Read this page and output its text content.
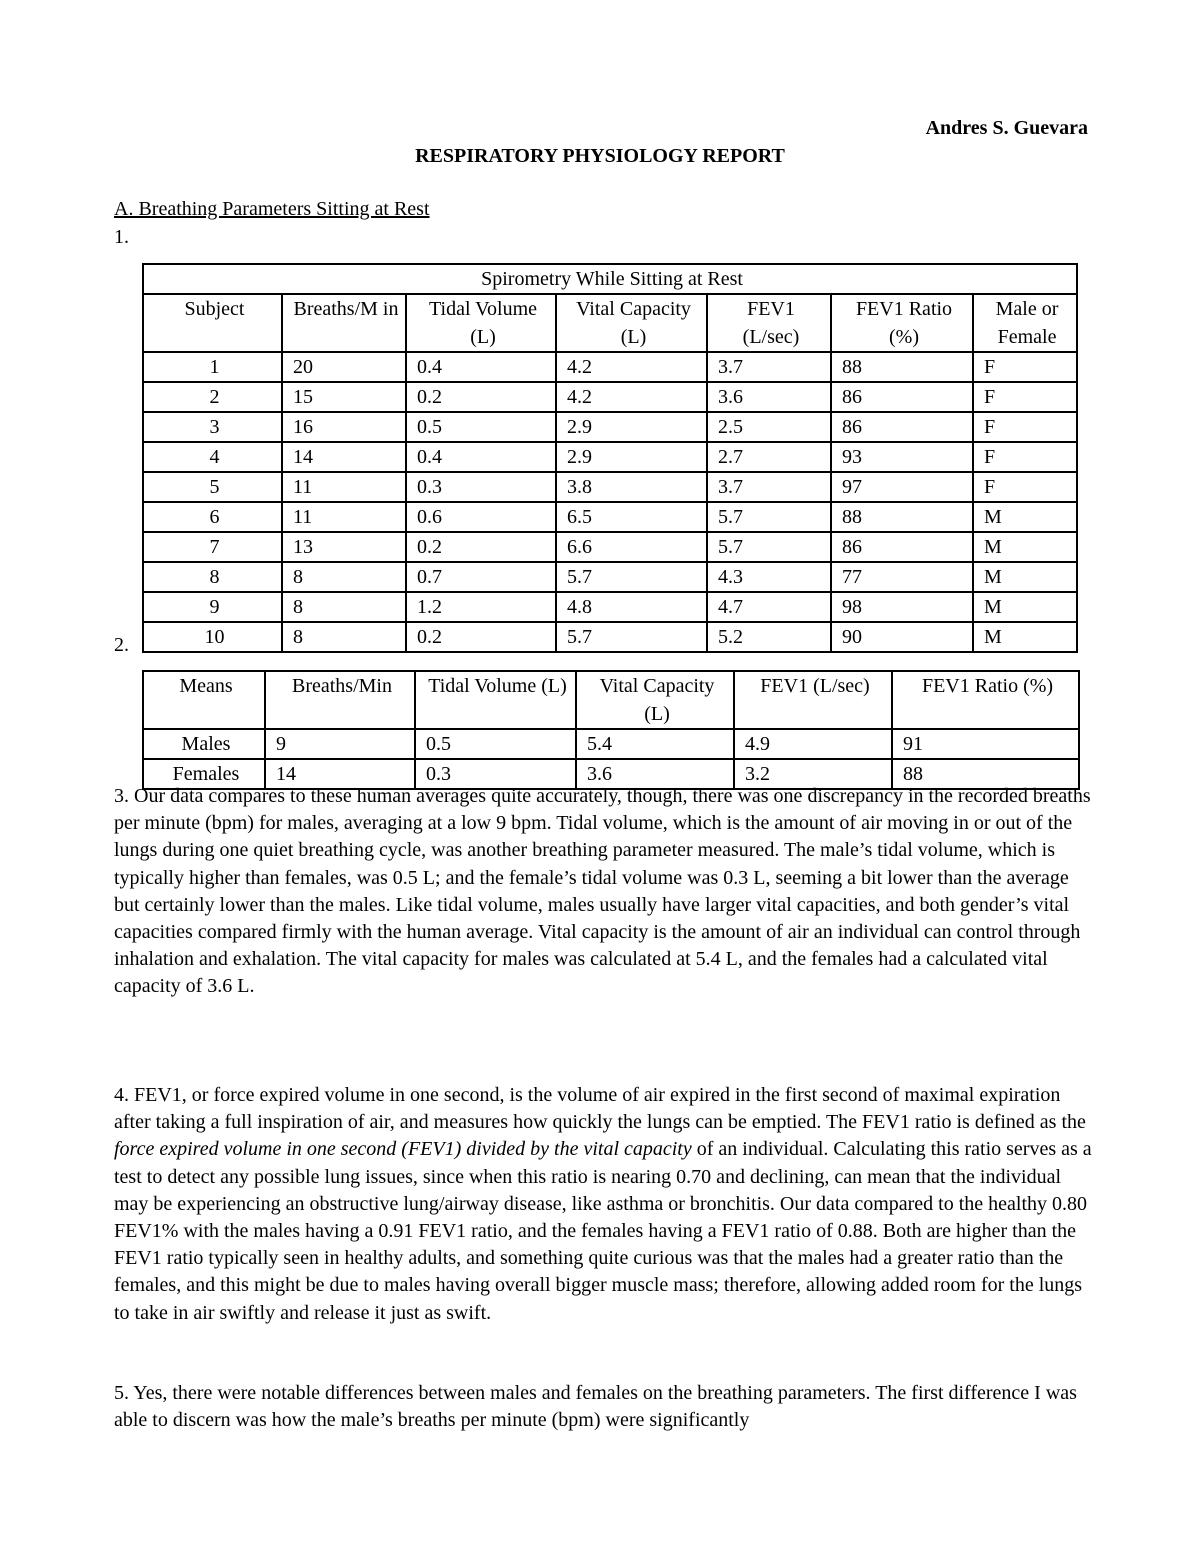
Andres S. Guevara
RESPIRATORY PHYSIOLOGY REPORT
A. Breathing Parameters Sitting at Rest
1.
Spirometry While Sitting at Rest						
Subject	Breaths/M in	Tidal Volume (L)	Vital Capacity (L)	FEV1 (L/sec)	FEV1 Ratio (%)	Male or Female
1	20	0.4	4.2	3.7	88	F
2	15	0.2	4.2	3.6	86	F
3	16	0.5	2.9	2.5	86	F
4	14	0.4	2.9	2.7	93	F
5	11	0.3	3.8	3.7	97	F
6	11	0.6	6.5	5.7	88	M
7	13	0.2	6.6	5.7	86	M
8	8	0.7	5.7	4.3	77	M
9	8	1.2	4.8	4.7	98	M
10	8	0.2	5.7	5.2	90	M
2.
Means	Breaths/Min	Tidal Volume (L)	Vital Capacity (L)	FEV1 (L/sec)	FEV1 Ratio (%)
Males	9	0.5	5.4	4.9	91
Females	14	0.3	3.6	3.2	88

3. Our data compares to these human averages quite accurately, though, there was one discrepancy in the recorded breaths per minute (bpm) for males, averaging at a low 9 bpm. Tidal volume, which is the amount of air moving in or out of the lungs during one quiet breathing cycle, was another breathing parameter measured. The male’s tidal volume, which is typically higher than females, was 0.5 L; and the female’s tidal volume was 0.3 L, seeming a bit lower than the average but certainly lower than the males. Like tidal volume, males usually have larger vital capacities, and both gender’s vital capacities compared firmly with the human average. Vital capacity is the amount of air an individual can control through inhalation and exhalation. The vital capacity for males was calculated at 5.4 L, and the females had a calculated vital capacity of 3.6 L.

4. FEV1, or force expired volume in one second, is the volume of air expired in the first second of maximal expiration after taking a full inspiration of air, and measures how quickly the lungs can be emptied. The FEV1 ratio is defined as the force expired volume in one second (FEV1) divided by the vital capacity of an individual. Calculating this ratio serves as a test to detect any possible lung issues, since when this ratio is nearing 0.70 and declining, can mean that the individual may be experiencing an obstructive lung/airway disease, like asthma or bronchitis. Our data compared to the healthy 0.80 FEV1% with the males having a 0.91 FEV1 ratio, and the females having a FEV1 ratio of 0.88. Both are higher than the FEV1 ratio typically seen in healthy adults, and something quite curious was that the males had a greater ratio than the females, and this might be due to males having overall bigger muscle mass; therefore, allowing added room for the lungs to take in air swiftly and release it just as swift.

5. Yes, there were notable differences between males and females on the breathing parameters. The first difference I was able to discern was how the male’s breaths per minute (bpm) were significantly
